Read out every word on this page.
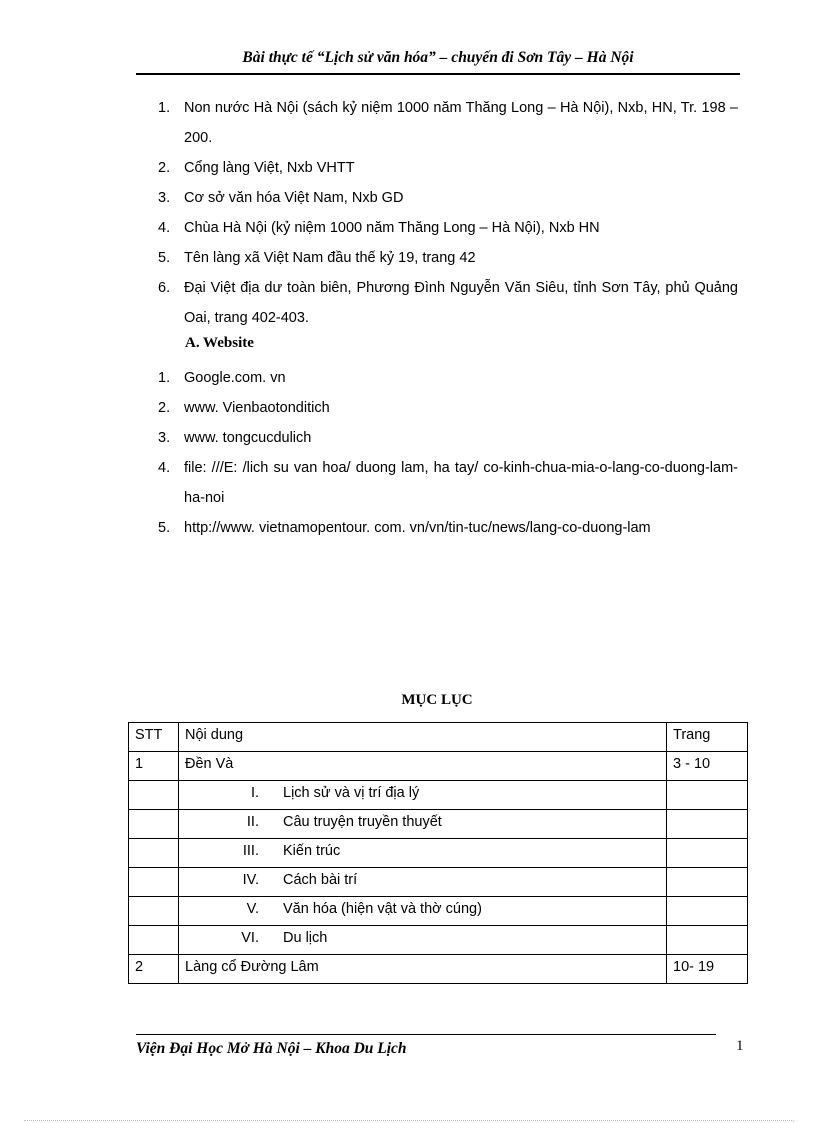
Bài thực tế “Lịch sử văn hóa” – chuyến đi Sơn Tây – Hà Nội
1. Non nước Hà Nội (sách kỷ niệm 1000 năm Thăng Long – Hà Nội), Nxb, HN, Tr. 198 – 200.
2. Cổng làng Việt, Nxb VHTT
3. Cơ sở văn hóa Việt Nam, Nxb GD
4. Chùa Hà Nội (kỷ niệm 1000 năm Thăng Long – Hà Nội), Nxb HN
5. Tên làng xã Việt Nam đầu thế kỷ 19, trang 42
6. Đại Việt địa dư toàn biên, Phương Đình Nguyễn Văn Siêu, tỉnh Sơn Tây, phủ Quảng Oai, trang 402-403.
A. Website
1. Google.com. vn
2. www. Vienbaotonditich
3. www. tongcucdulich
4. file: ///E: /lich su van hoa/ duong lam, ha tay/ co-kinh-chua-mia-o-lang-co-duong-lam-ha-noi
5. http://www. vietnamopentour. com. vn/vn/tin-tuc/news/lang-co-duong-lam
MỤC LỤC
STT	Nội dung	Trang
1	Đền Và	3 - 10

	I. Lịch sử và vị trí địa lý	

	II. Câu truyện truyền thuyết	

	III. Kiến trúc	

	IV. Cách bài trí	

	V. Văn hóa (hiện vật và thờ cúng)	

	VI. Du lịch	

2	Làng cổ Đường Lâm	10- 19
Viện Đại Học Mở Hà Nội – Khoa Du Lịch	1
